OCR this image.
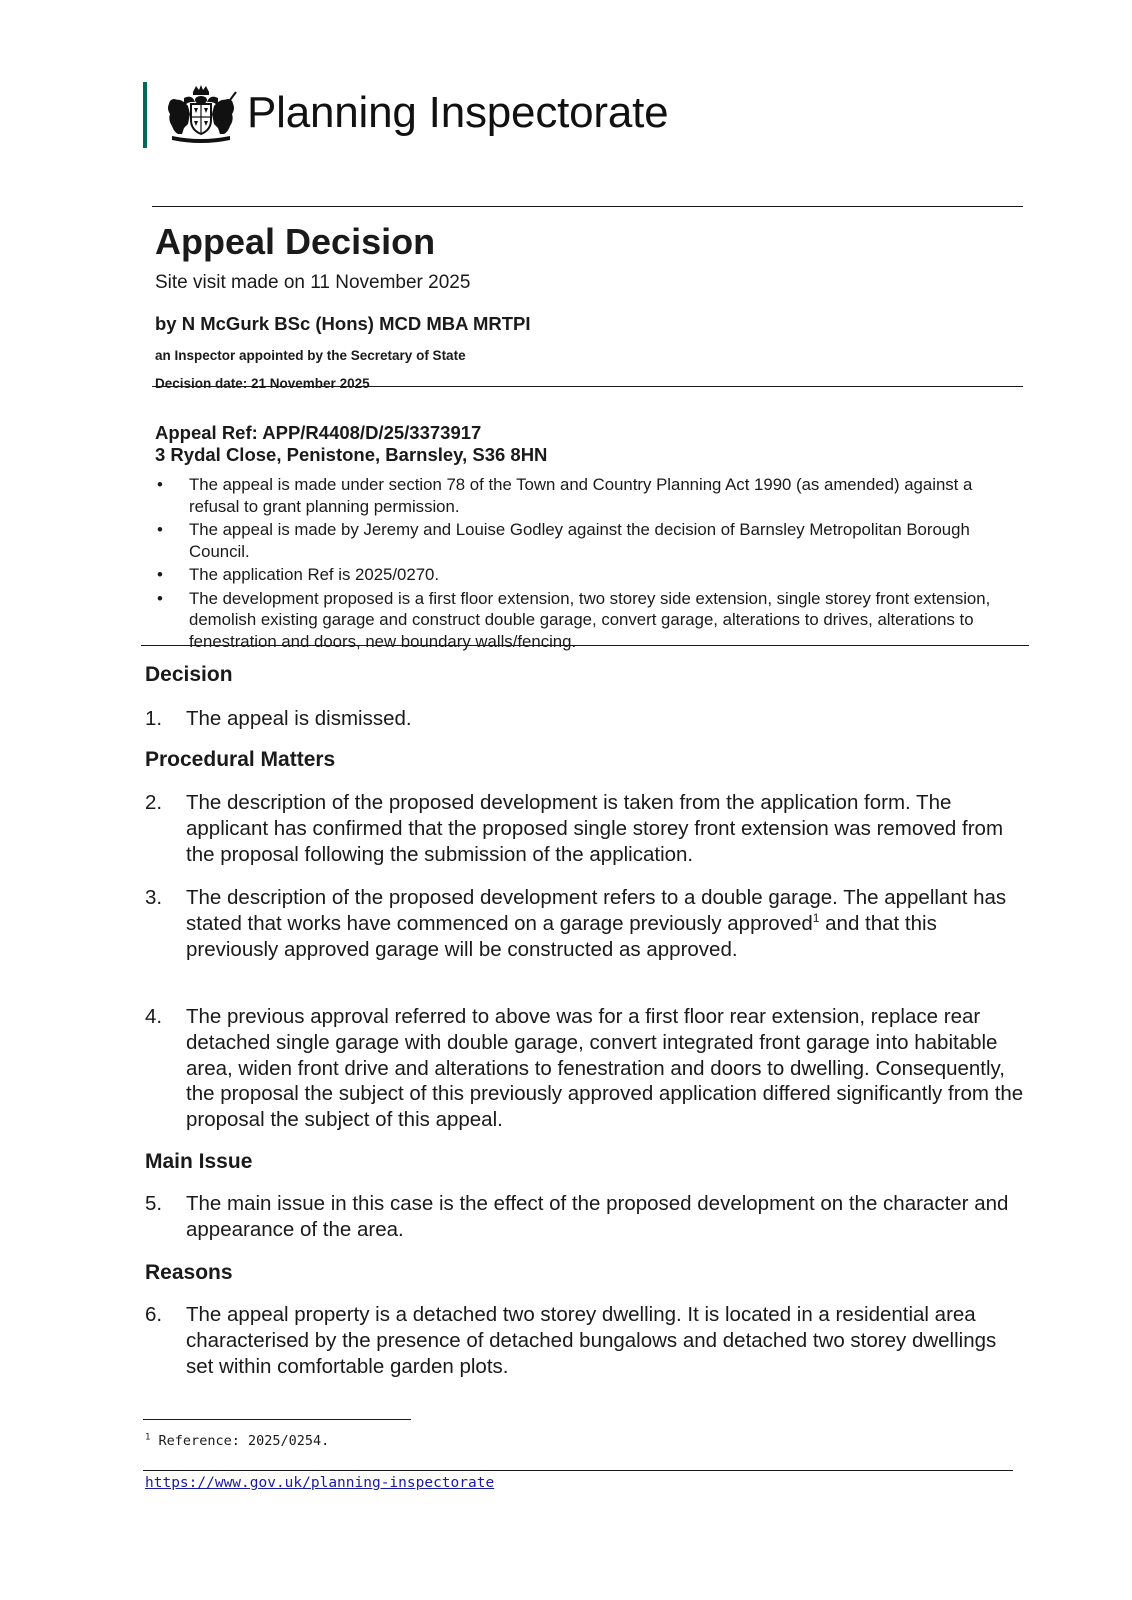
Planning Inspectorate
Appeal Decision
Site visit made on 11 November 2025
by N McGurk BSc (Hons) MCD MBA MRTPI
an Inspector appointed by the Secretary of State
Decision date: 21 November 2025
Appeal Ref: APP/R4408/D/25/3373917
3 Rydal Close, Penistone, Barnsley, S36 8HN
• The appeal is made under section 78 of the Town and Country Planning Act 1990 (as amended) against a refusal to grant planning permission.
• The appeal is made by Jeremy and Louise Godley against the decision of Barnsley Metropolitan Borough Council.
• The application Ref is 2025/0270.
• The development proposed is a first floor extension, two storey side extension, single storey front extension, demolish existing garage and construct double garage, convert garage, alterations to drives, alterations to fenestration and doors, new boundary walls/fencing.
Decision
1. The appeal is dismissed.
Procedural Matters
2. The description of the proposed development is taken from the application form. The applicant has confirmed that the proposed single storey front extension was removed from the proposal following the submission of the application.
3. The description of the proposed development refers to a double garage. The appellant has stated that works have commenced on a garage previously approved$^1$ and that this previously approved garage will be constructed as approved.
4. The previous approval referred to above was for a first floor rear extension, replace rear detached single garage with double garage, convert integrated front garage into habitable area, widen front drive and alterations to fenestration and doors to dwelling. Consequently, the proposal the subject of this previously approved application differed significantly from the proposal the subject of this appeal.
Main Issue
5. The main issue in this case is the effect of the proposed development on the character and appearance of the area.
Reasons
6. The appeal property is a detached two storey dwelling. It is located in a residential area characterised by the presence of detached bungalows and detached two storey dwellings set within comfortable garden plots.
$^1$ Reference: 2025/0254.
https://www.gov.uk/planning-inspectorate
